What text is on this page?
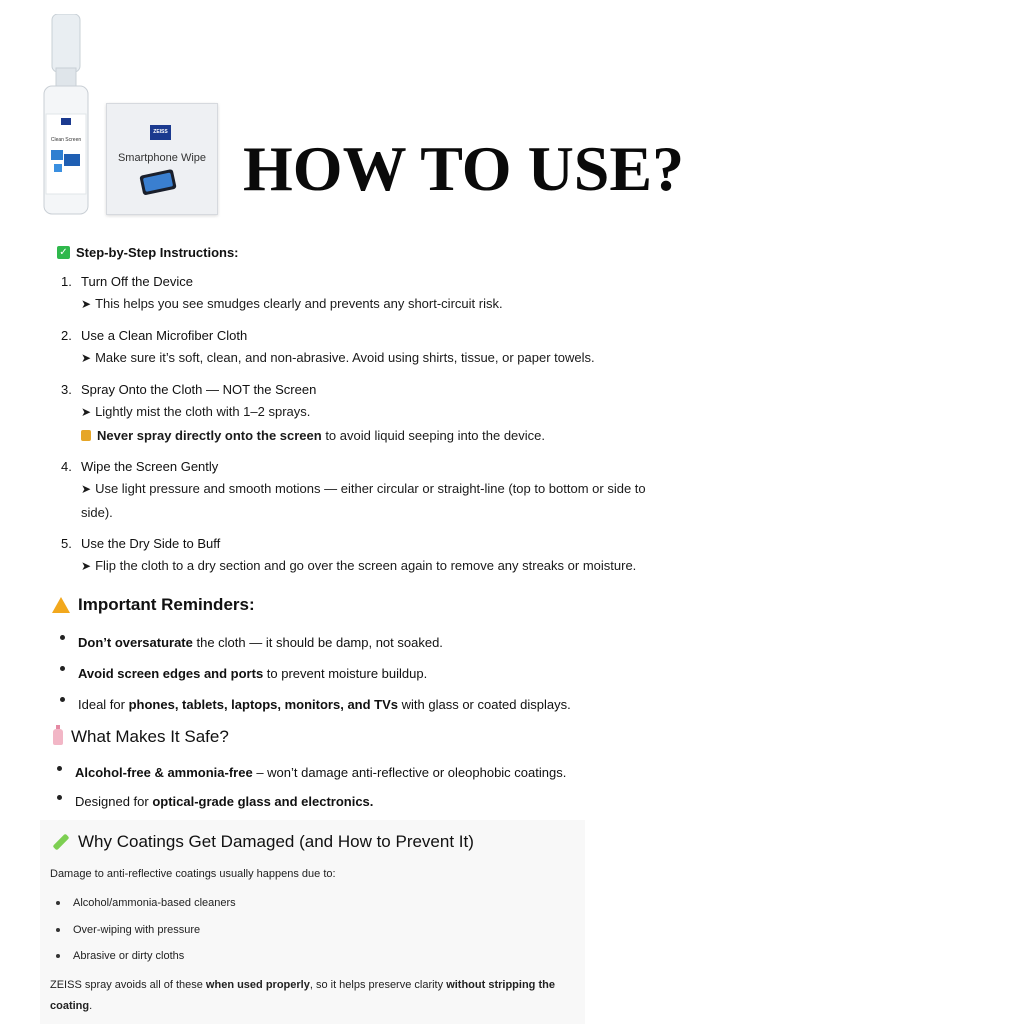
Clean Screen
ZEISS
Smartphone Wipe HOW TO USE?
✓ Step-by-Step Instructions:
1. Turn Off the Device
➤ This helps you see smudges clearly and prevents any short-circuit risk.
2. Use a Clean Microfiber Cloth
➤ Make sure it’s soft, clean, and non-abrasive. Avoid using shirts, tissue, or paper towels.
3. Spray Onto the Cloth — NOT the Screen
➤ Lightly mist the cloth with 1–2 sprays.
Never spray directly onto the screen to avoid liquid seeping into the device.
4. Wipe the Screen Gently
➤ Use light pressure and smooth motions — either circular or straight-line (top to bottom or side to
side).
5. Use the Dry Side to Buff
➤ Flip the cloth to a dry section and go over the screen again to remove any streaks or moisture.
Important Reminders:
Don’t oversaturate the cloth — it should be damp, not soaked.
Avoid screen edges and ports to prevent moisture buildup.
Ideal for phones, tablets, laptops, monitors, and TVs with glass or coated displays.
What Makes It Safe?
Alcohol-free & ammonia-free – won’t damage anti-reflective or oleophobic coatings.
Designed for optical-grade glass and electronics.
Why Coatings Get Damaged (and How to Prevent It)
Damage to anti-reflective coatings usually happens due to:
Alcohol/ammonia-based cleaners
Over-wiping with pressure
Abrasive or dirty cloths
ZEISS spray avoids all of these when used properly, so it helps preserve clarity without stripping the coating.
